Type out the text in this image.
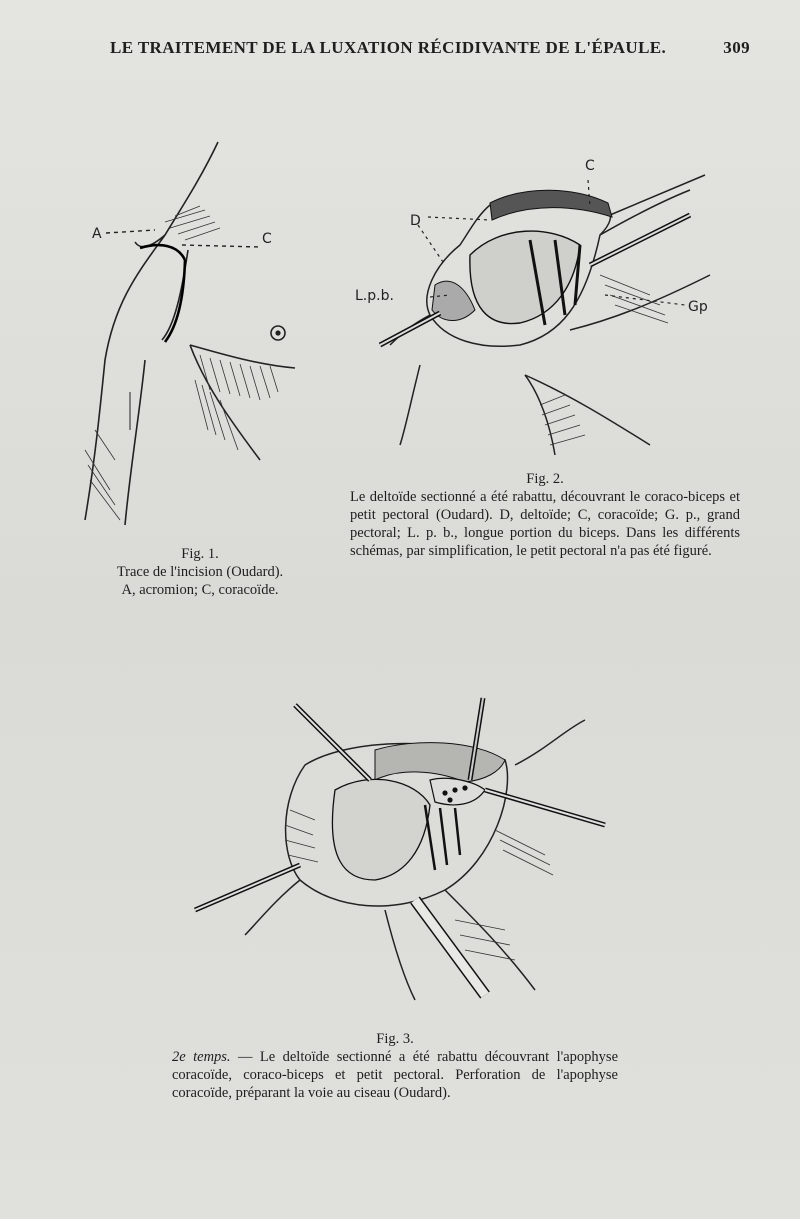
LE TRAITEMENT DE LA LUXATION RÉCIDIVANTE DE L'ÉPAULE.	309
A	C
Fig. 1.
Trace de l'incision (Oudard).
A, acromion; C, coracoïde.
C
D
L.p.b.
Gp
Fig. 2.
Le deltoïde sectionné a été rabattu, découvrant le coraco-biceps et petit pectoral (Oudard). D, deltoïde; C, coracoïde; G. p., grand pectoral; L. p. b., longue portion du biceps. Dans les différents schémas, par simplification, le petit pectoral n'a pas été figuré.
Fig. 3.
2e temps. — Le deltoïde sectionné a été rabattu découvrant l'apophyse coracoïde, coraco-biceps et petit pectoral. Perforation de l'apophyse coracoïde, préparant la voie au ciseau (Oudard).
